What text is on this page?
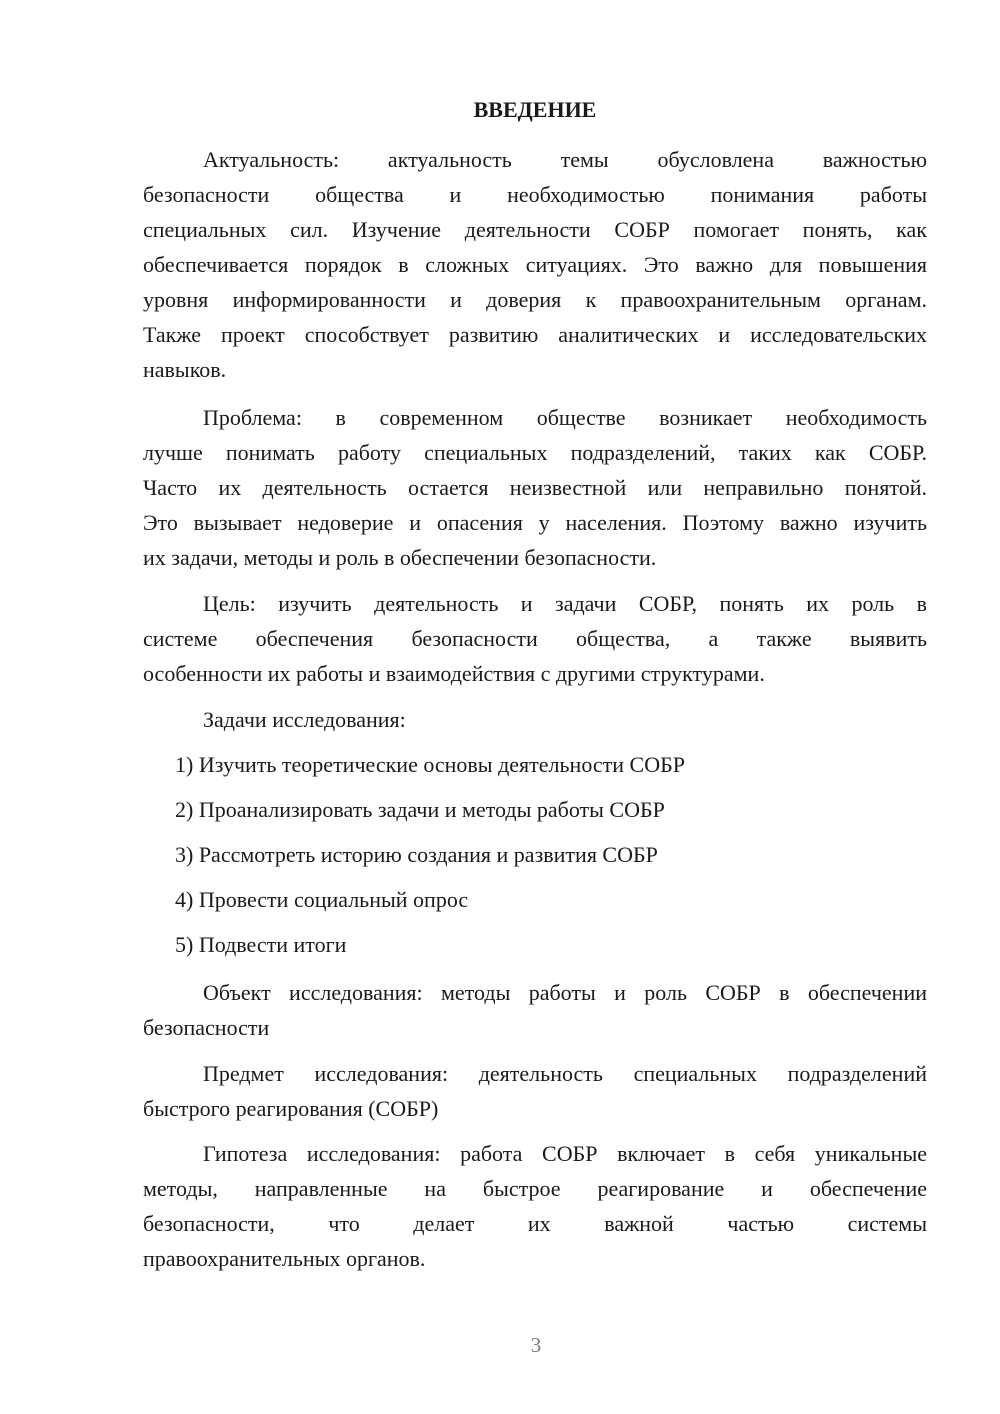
ВВЕДЕНИЕ
Актуальность: актуальность темы обусловлена важностью
безопасности общества и необходимостью понимания работы
специальных сил. Изучение деятельности СОБР помогает понять, как
обеспечивается порядок в сложных ситуациях. Это важно для повышения
уровня информированности и доверия к правоохранительным органам.
Также проект способствует развитию аналитических и исследовательских
навыков.
Проблема: в современном обществе возникает необходимость
лучше понимать работу специальных подразделений, таких как СОБР.
Часто их деятельность остается неизвестной или неправильно понятой.
Это вызывает недоверие и опасения у населения. Поэтому важно изучить
их задачи, методы и роль в обеспечении безопасности.
Цель: изучить деятельность и задачи СОБР, понять их роль в
системе обеспечения безопасности общества, а также выявить
особенности их работы и взаимодействия с другими структурами.
Задачи исследования:
1) Изучить теоретические основы деятельности СОБР
2) Проанализировать задачи и методы работы СОБР
3) Рассмотреть историю создания и развития СОБР
4) Провести социальный опрос
5) Подвести итоги
Объект исследования: методы работы и роль СОБР в обеспечении
безопасности
Предмет исследования: деятельность специальных подразделений
быстрого реагирования (СОБР)
Гипотеза исследования: работа СОБР включает в себя уникальные
методы, направленные на быстрое реагирование и обеспечение
безопасности, что делает их важной частью системы
правоохранительных органов.
3
